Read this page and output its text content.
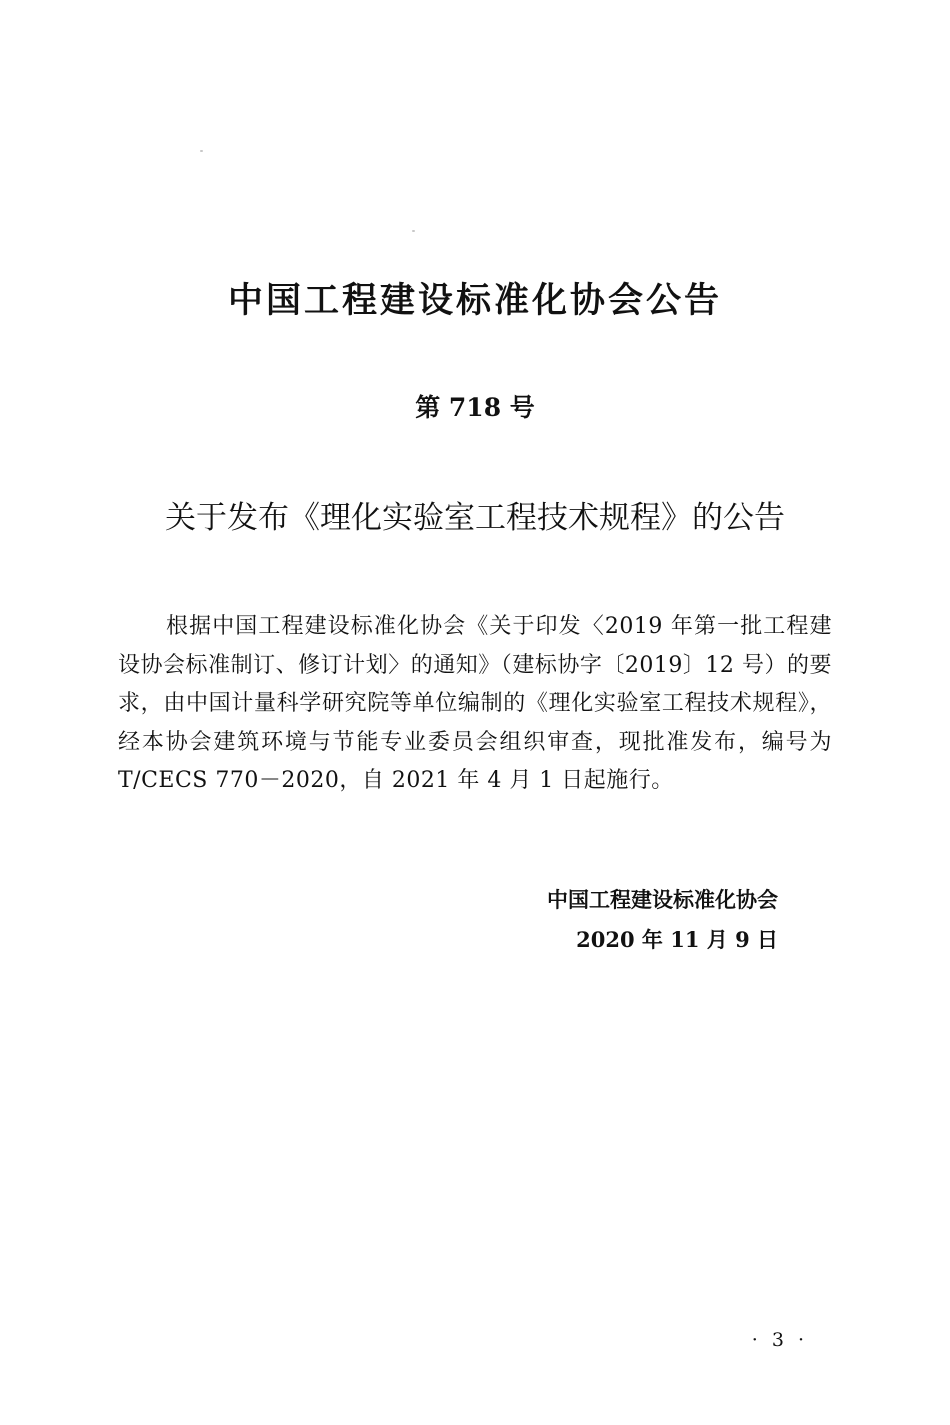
中国工程建设标准化协会公告
第 718 号
关于发布《理化实验室工程技术规程》的公告

根据中国工程建设标准化协会《关于印发〈2019 年第一批工程建设协会标准制订、修订计划〉的通知》（建标协字〔2019〕12 号）的要求，由中国计量科学研究院等单位编制的《理化实验室工程技术规程》，经本协会建筑环境与节能专业委员会组织审查，现批准发布，编号为 T/CECS 770－2020，自 2021 年 4 月 1 日起施行。

中国工程建设标准化协会
2020 年 11 月 9 日
· 3 ·
